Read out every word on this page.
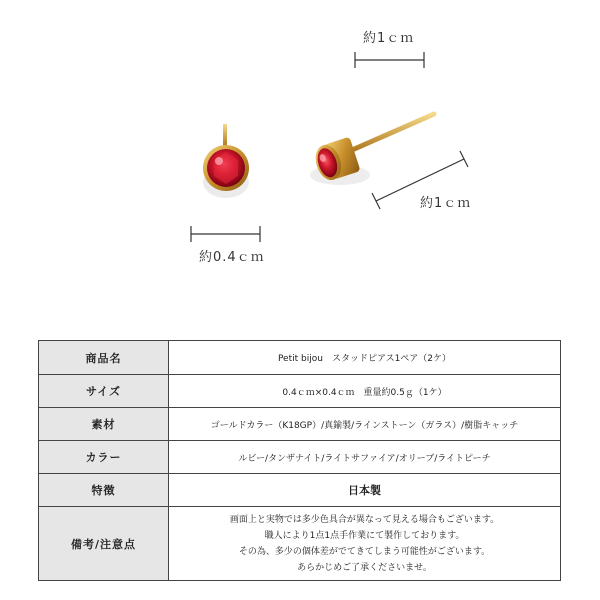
約1ｃｍ
約1ｃｍ
約0.4ｃｍ
商品名	Petit bijou　スタッドピアス1ペア（2ケ）

サイズ	0.4ｃｍ×0.4ｃｍ　重量約0.5ｇ（1ケ）

素材	ゴールドカラー（K18GP）/真鍮製/ラインストーン（ガラス）/樹脂キャッチ

カラー	ルビー/タンザナイト/ライトサファイア/オリーブ/ライトピーチ

特徴	日本製

備考/注意点	画面上と実物では多少色具合が異なって見える場合もございます。
職人により1点1点手作業にて製作しております。
その為、多少の個体差がでてきてしまう可能性がございます。
あらかじめご了承くださいませ。
